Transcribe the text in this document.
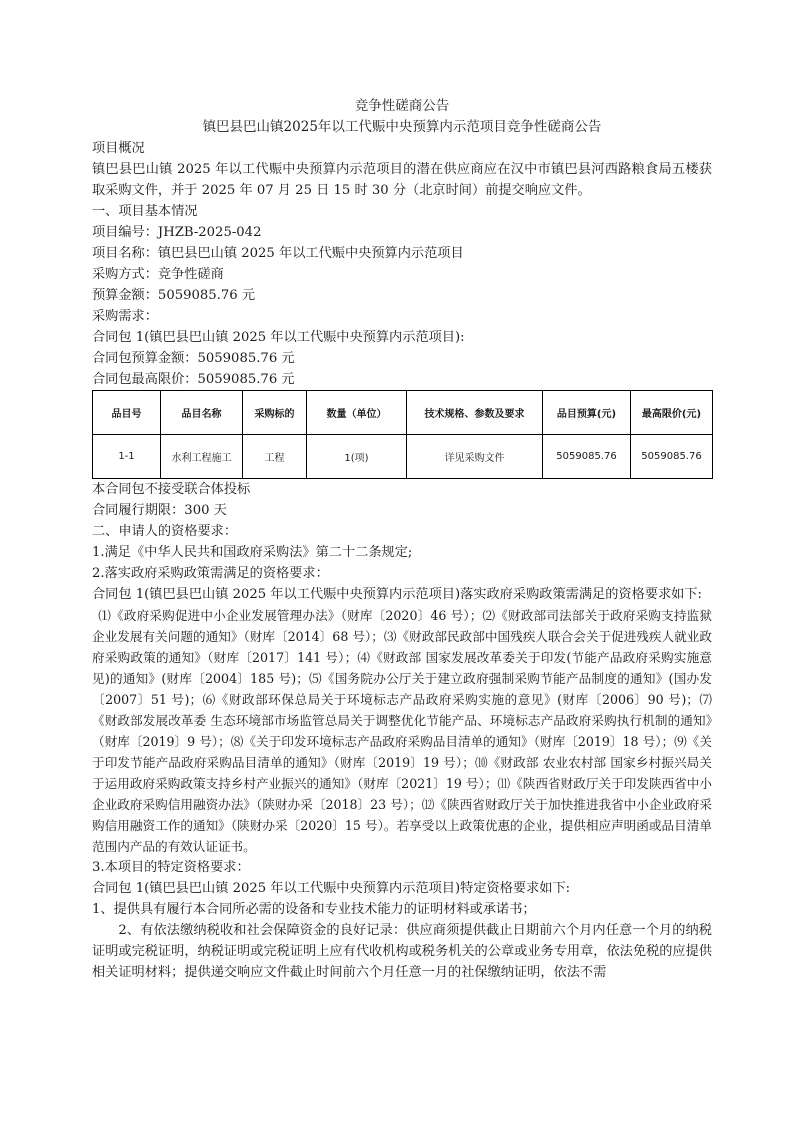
竞争性磋商公告
镇巴县巴山镇2025年以工代赈中央预算内示范项目竞争性磋商公告
项目概况
镇巴县巴山镇 2025 年以工代赈中央预算内示范项目的潜在供应商应在汉中市镇巴县河西路粮食局五楼获取采购文件，并于 2025 年 07 月 25 日 15 时 30 分（北京时间）前提交响应文件。
一、项目基本情况
项目编号：JHZB-2025-042
项目名称：镇巴县巴山镇 2025 年以工代赈中央预算内示范项目
采购方式：竞争性磋商
预算金额：5059085.76 元
采购需求：
合同包 1(镇巴县巴山镇 2025 年以工代赈中央预算内示范项目):
合同包预算金额：5059085.76 元
合同包最高限价：5059085.76 元
品目号	品目名称	采购标的	数量（单位）	技术规格、参数及要求	品目预算(元)	最高限价(元)
1-1	水利工程施工	工程	1(项)	详见采购文件	5059085.76	5059085.76
本合同包不接受联合体投标
合同履行期限：300 天
二、申请人的资格要求：
1.满足《中华人民共和国政府采购法》第二十二条规定;
2.落实政府采购政策需满足的资格要求：
合同包 1(镇巴县巴山镇 2025 年以工代赈中央预算内示范项目)落实政府采购政策需满足的资格要求如下:
⑴《政府采购促进中小企业发展管理办法》（财库〔2020〕46 号）；⑵《财政部司法部关于政府采购支持监狱企业发展有关问题的通知》（财库〔2014〕68 号）；⑶《财政部民政部中国残疾人联合会关于促进残疾人就业政府采购政策的通知》（财库〔2017〕141 号）；⑷《财政部 国家发展改革委关于印发(节能产品政府采购实施意见)的通知》(财库〔2004〕185 号)；⑸《国务院办公厅关于建立政府强制采购节能产品制度的通知》(国办发〔2007〕51 号)；⑹《财政部环保总局关于环境标志产品政府采购实施的意见》(财库〔2006〕90 号)；⑺《财政部发展改革委 生态环境部市场监管总局关于调整优化节能产品、环境标志产品政府采购执行机制的通知》（财库〔2019〕9 号）；⑻《关于印发环境标志产品政府采购品目清单的通知》（财库〔2019〕18 号）；⑼《关于印发节能产品政府采购品目清单的通知》（财库〔2019〕19 号）；⑽《财政部 农业农村部 国家乡村振兴局关于运用政府采购政策支持乡村产业振兴的通知》（财库〔2021〕19 号）；⑾《陕西省财政厅关于印发陕西省中小企业政府采购信用融资办法》（陕财办采〔2018〕23 号）；⑿《陕西省财政厅关于加快推进我省中小企业政府采购信用融资工作的通知》（陕财办采〔2020〕15 号）。若享受以上政策优惠的企业，提供相应声明函或品目清单范围内产品的有效认证证书。
3.本项目的特定资格要求：
合同包 1(镇巴县巴山镇 2025 年以工代赈中央预算内示范项目)特定资格要求如下:
1、提供具有履行本合同所必需的设备和专业技术能力的证明材料或承诺书；
2、有依法缴纳税收和社会保障资金的良好记录：供应商须提供截止日期前六个月内任意一个月的纳税证明或完税证明，纳税证明或完税证明上应有代收机构或税务机关的公章或业务专用章，依法免税的应提供相关证明材料；提供递交响应文件截止时间前六个月任意一月的社保缴纳证明，依法不需
